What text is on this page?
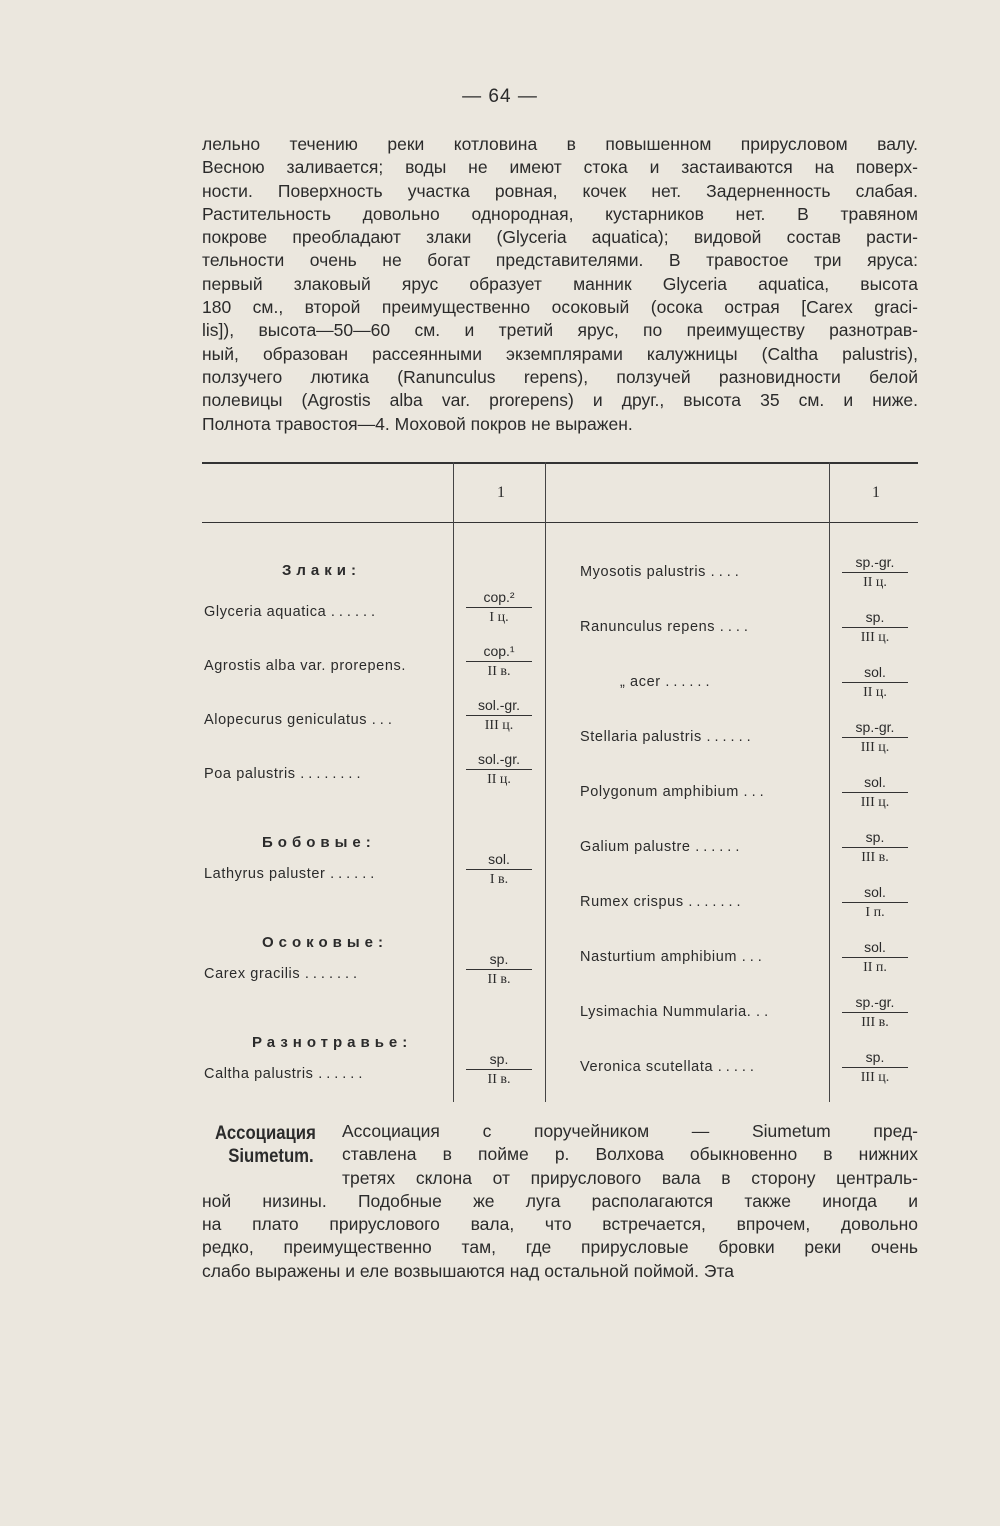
— 64 —
лельно течению реки котловина в повышенном прирусловом валу.
Весною заливается; воды не имеют стока и застаиваются на поверх-
ности. Поверхность участка ровная, кочек нет. Задерненность слабая.
Растительность довольно однородная, кустарников нет. В травяном
покрове преобладают злаки (Glyceria aquatica); видовой состав расти-
тельности очень не богат представителями. В травостое три яруса:
первый злаковый ярус образует манник Glyceria aquatica, высота
180 см., второй преимущественно осоковый (осока острая [Carex graci-
lis]), высота—50—60 см. и третий ярус, по преимуществу разнотрав-
ный, образован рассеянными экземплярами калужницы (Caltha palustris),
ползучего лютика (Ranunculus repens), ползучей разновидности белой
полевицы (Agrostis alba var. prorepens) и друг., высота 35 см. и ниже.
Полнота травостоя—4. Моховой покров не выражен.
1	1
Злаки:
Glyceria aquatica ......
cop.²
I ц.
Agrostis alba var. prorepens.
cop.¹
II в.
Alopecurus geniculatus ...
sol.-gr.
III ц.
Poa palustris ........
sol.-gr.
II ц.
Бобовые:
Lathyrus paluster ......
sol.
I в.
Осоковые:
Carex gracilis .......
sp.
II в.
Разнотравье:
Caltha palustris ......
sp.
II в.
Myosotis palustris ....
sp.-gr.
II ц.
Ranunculus repens ....
sp.
III ц.
„ acer ......
sol.
II ц.
Stellaria palustris ......
sp.-gr.
III ц.
Polygonum amphibium ...
sol.
III ц.
Galium palustre ......
sp.
III в.
Rumex crispus .......
sol.
I п.
Nasturtium amphibium ...
sol.
II п.
Lysimachia Nummularia. ..
sp.-gr.
III в.
Veronica scutellata .....
sp.
III ц.
Ассоциация
Siumetum.
Ассоциация с поручейником — Siumetum пред-
ставлена в пойме р. Волхова обыкновенно в нижних
третях склона от прируслового вала в сторону централь-
ной низины. Подобные же луга располагаются также иногда и
на плато прируслового вала, что встречается, впрочем, довольно
редко, преимущественно там, где прирусловые бровки реки очень
слабо выражены и еле возвышаются над остальной поймой. Эта
